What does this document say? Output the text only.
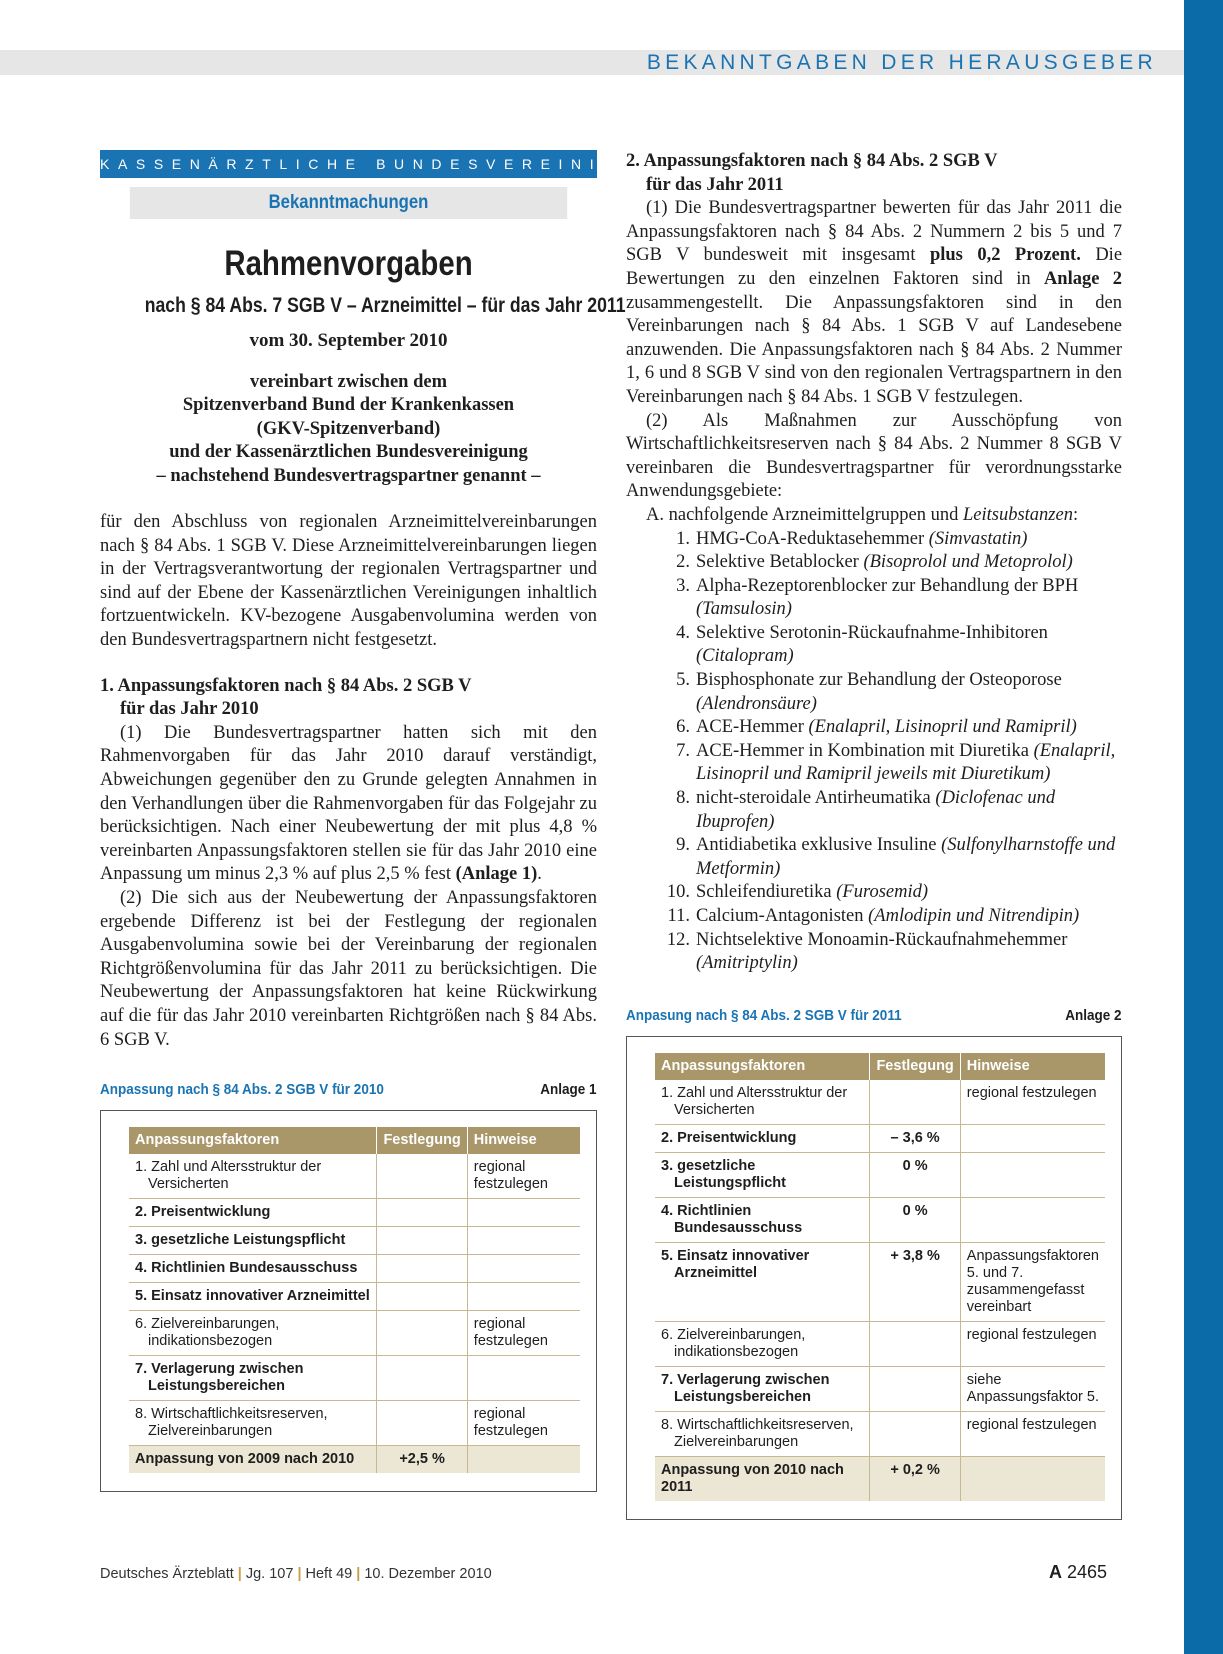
BEKANNTGABEN DER HERAUSGEBER
KASSENÄRZTLICHE BUNDESVEREINIGUNG
Bekanntmachungen
Rahmenvorgaben
nach § 84 Abs. 7 SGB V – Arzneimittel – für das Jahr 2011
vom 30. September 2010
vereinbart zwischen dem
Spitzenverband Bund der Krankenkassen
(GKV-Spitzenverband)
und der Kassenärztlichen Bundesvereinigung
– nachstehend Bundesvertragspartner genannt –
für den Abschluss von regionalen Arzneimittelvereinbarungen nach § 84 Abs. 1 SGB V. Diese Arzneimittelvereinbarungen liegen in der Vertragsverantwortung der regionalen Vertragspartner und sind auf der Ebene der Kassenärztlichen Vereinigungen inhaltlich fortzuentwickeln. KV-bezogene Ausgabenvolumina werden von den Bundesvertragspartnern nicht festgesetzt.
1. Anpassungsfaktoren nach § 84 Abs. 2 SGB V
für das Jahr 2010

(1) Die Bundesvertragspartner hatten sich mit den Rahmenvorgaben für das Jahr 2010 darauf verständigt, Abweichungen gegenüber den zu Grunde gelegten Annahmen in den Verhandlungen über die Rahmenvorgaben für das Folgejahr zu berücksichtigen. Nach einer Neubewertung der mit plus 4,8 % vereinbarten Anpassungsfaktoren stellen sie für das Jahr 2010 eine Anpassung um minus 2,3 % auf plus 2,5 % fest (Anlage 1).

(2) Die sich aus der Neubewertung der Anpassungsfaktoren ergebende Differenz ist bei der Festlegung der regionalen Ausgabenvolumina sowie bei der Vereinbarung der regionalen Richtgrößenvolumina für das Jahr 2011 zu berücksichtigen. Die Neubewertung der Anpassungsfaktoren hat keine Rückwirkung auf die für das Jahr 2010 vereinbarten Richtgrößen nach § 84 Abs. 6 SGB V.

Anpassung nach § 84 Abs. 2 SGB V für 2010	Anlage 1
Anpassungsfaktoren	Festlegung	Hinweise

1. Zahl und Altersstruktur der Versicherten		regional festzulegen

2. Preisentwicklung		

3. gesetzliche Leistungspflicht		

4. Richtlinien Bundesausschuss		

5. Einsatz innovativer Arzneimittel		

6. Zielvereinbarungen, indikationsbezogen		regional festzulegen

7. Verlagerung zwischen Leistungsbereichen		

8. Wirtschaftlichkeitsreserven, Zielvereinbarungen		regional festzulegen
Anpassung von 2009 nach 2010	+2,5 %	
2. Anpassungsfaktoren nach § 84 Abs. 2 SGB V
für das Jahr 2011

(1) Die Bundesvertragspartner bewerten für das Jahr 2011 die Anpassungsfaktoren nach § 84 Abs. 2 Nummern 2 bis 5 und 7 SGB V bundesweit mit insgesamt plus 0,2 Prozent. Die Bewertungen zu den einzelnen Faktoren sind in Anlage 2 zusammengestellt. Die Anpassungsfaktoren sind in den Vereinbarungen nach § 84 Abs. 1 SGB V auf Landesebene anzuwenden. Die Anpassungsfaktoren nach § 84 Abs. 2 Nummer 1, 6 und 8 SGB V sind von den regionalen Vertragspartnern in den Vereinbarungen nach § 84 Abs. 1 SGB V festzulegen.

(2) Als Maßnahmen zur Ausschöpfung von Wirtschaftlichkeitsreserven nach § 84 Abs. 2 Nummer 8 SGB V vereinbaren die Bundesvertragspartner für verordnungsstarke Anwendungsgebiete:

A. nachfolgende Arzneimittelgruppen und Leitsubstanzen:
1. HMG-CoA-Reduktasehemmer (Simvastatin)
2. Selektive Betablocker (Bisoprolol und Metoprolol)
3. Alpha-Rezeptorenblocker zur Behandlung der BPH (Tamsulosin)
4. Selektive Serotonin-Rückaufnahme-Inhibitoren (Citalopram)
5. Bisphosphonate zur Behandlung der Osteoporose (Alendronsäure)
6. ACE-Hemmer (Enalapril, Lisinopril und Ramipril)
7. ACE-Hemmer in Kombination mit Diuretika (Enalapril, Lisinopril und Ramipril jeweils mit Diuretikum)
8. nicht-steroidale Antirheumatika (Diclofenac und Ibuprofen)
9. Antidiabetika exklusive Insuline (Sulfonylharnstoffe und Metformin)
10. Schleifendiuretika (Furosemid)
11. Calcium-Antagonisten (Amlodipin und Nitrendipin)
12. Nichtselektive Monoamin-Rückaufnahmehemmer (Amitriptylin)
Anpasung nach § 84 Abs. 2 SGB V für 2011	Anlage 2
Anpassungsfaktoren	Festlegung	Hinweise

1. Zahl und Altersstruktur der Versicherten		regional festzulegen

2. Preisentwicklung	– 3,6 %	

3. gesetzliche Leistungspflicht	0 %	

4. Richtlinien Bundesausschuss	0 %	

5. Einsatz innovativer Arzneimittel	+ 3,8 %	Anpassungsfaktoren 5. und 7. zusammengefasst vereinbart

6. Zielvereinbarungen, indikationsbezogen		regional festzulegen

7. Verlagerung zwischen Leistungsbereichen		siehe Anpassungsfaktor 5.

8. Wirtschaftlichkeitsreserven, Zielvereinbarungen		regional festzulegen
Anpassung von 2010 nach 2011	+ 0,2 %	
Deutsches Ärzteblatt | Jg. 107 | Heft 49 | 10. Dezember 2010	A 2465
